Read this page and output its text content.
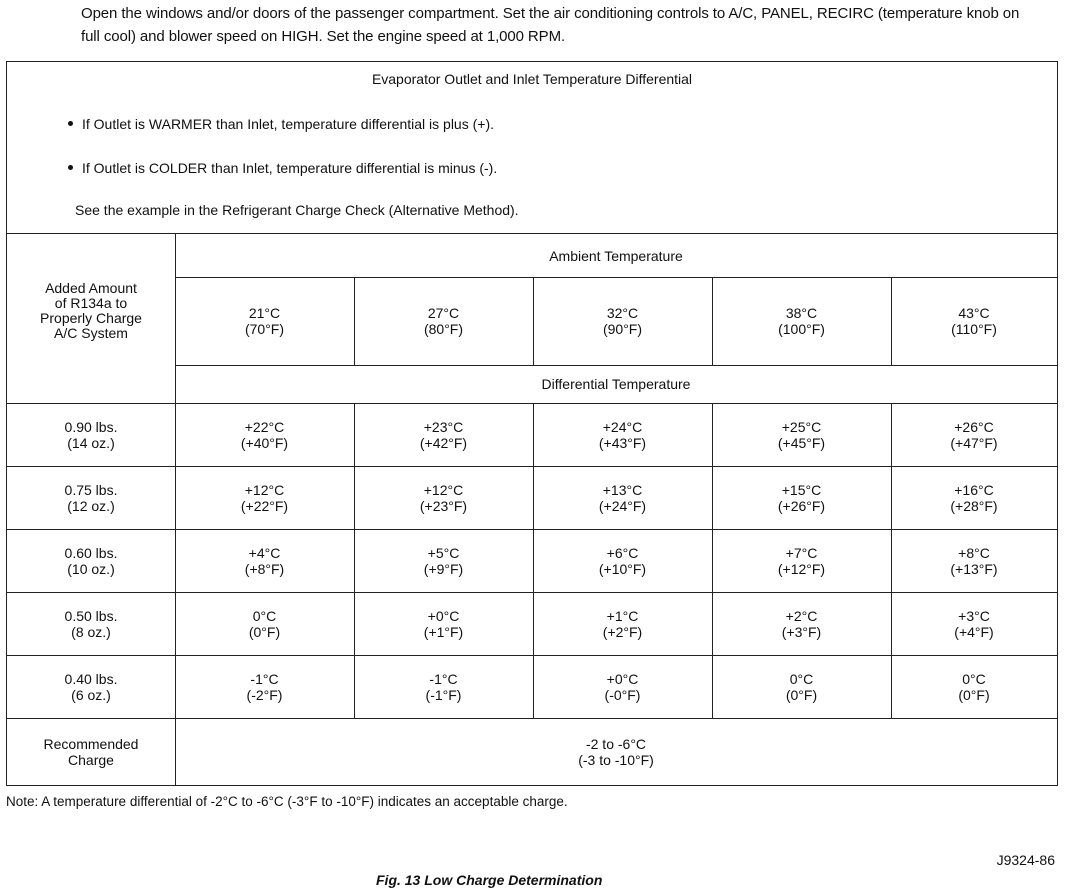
Open the windows and/or doors of the passenger compartment. Set the air conditioning controls to A/C, PANEL, RECIRC (temperature knob on full cool) and blower speed on HIGH. Set the engine speed at 1,000 RPM.
Evaporator Outlet and Inlet Temperature Differential
If Outlet is WARMER than Inlet, temperature differential is plus (+).
If Outlet is COLDER than Inlet, temperature differential is minus (-).
See the example in the Refrigerant Charge Check (Alternative Method).
Added Amount
of R134a to
Properly Charge
A/C System
Ambient Temperature
21°C
(70°F)
27°C
(80°F)
32°C
(90°F)
38°C
(100°F)
43°C
(110°F)
Differential Temperature
0.90 lbs.
(14 oz.)
+22°C
(+40°F)
+23°C
(+42°F)
+24°C
(+43°F)
+25°C
(+45°F)
+26°C
(+47°F)
0.75 lbs.
(12 oz.)
+12°C
(+22°F)
+12°C
(+23°F)
+13°C
(+24°F)
+15°C
(+26°F)
+16°C
(+28°F)
0.60 lbs.
(10 oz.)
+4°C
(+8°F)
+5°C
(+9°F)
+6°C
(+10°F)
+7°C
(+12°F)
+8°C
(+13°F)
0.50 lbs.
(8 oz.)
0°C
(0°F)
+0°C
(+1°F)
+1°C
(+2°F)
+2°C
(+3°F)
+3°C
(+4°F)
0.40 lbs.
(6 oz.)
-1°C
(-2°F)
-1°C
(-1°F)
+0°C
(-0°F)
0°C
(0°F)
0°C
(0°F)
Recommended
Charge
-2 to -6°C
(-3 to -10°F)
Note: A temperature differential of -2°C to -6°C (-3°F to -10°F) indicates an acceptable charge.
J9324-86
Fig. 13 Low Charge Determination
